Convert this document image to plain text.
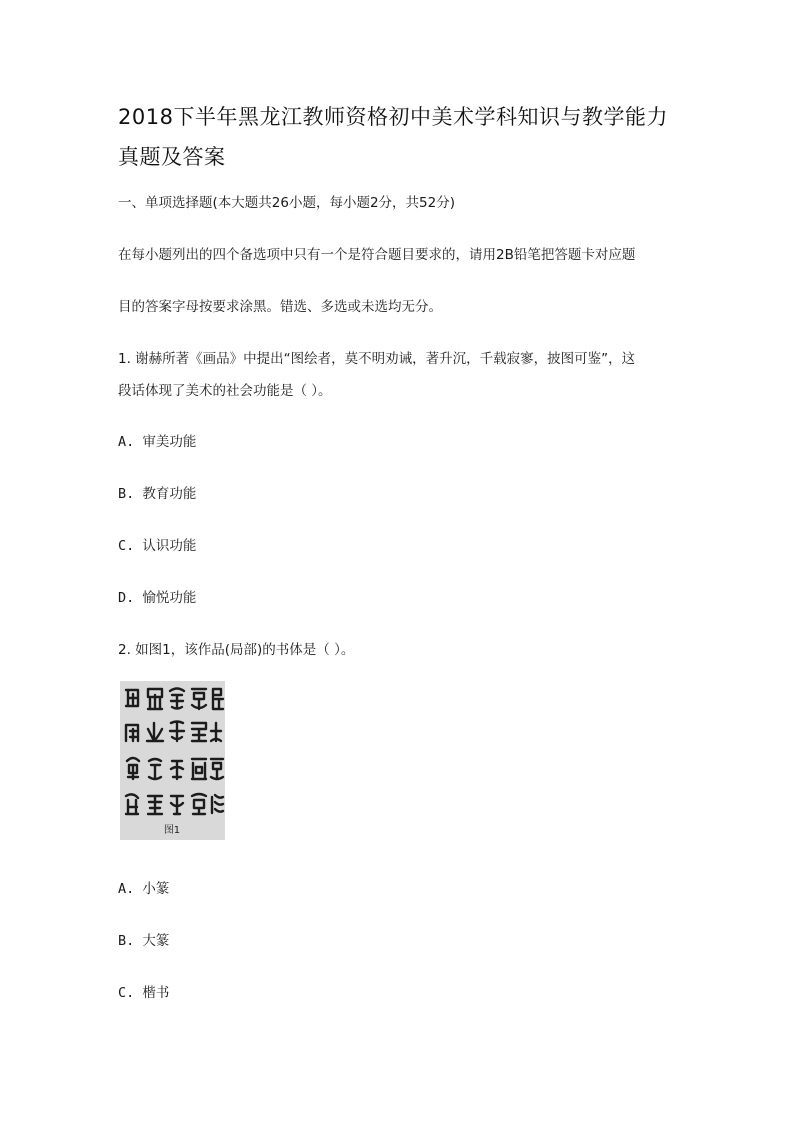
2018下半年黑龙江教师资格初中美术学科知识与教学能力
真题及答案
一、单项选择题(本大题共26小题，每小题2分，共52分)
在每小题列出的四个备选项中只有一个是符合题目要求的，请用2B铅笔把答题卡对应题
目的答案字母按要求涂黑。错选、多选或未选均无分。
1. 谢赫所著《画品》中提出“图绘者，莫不明劝诫，著升沉，千载寂寥，披图可鉴”，这
段话体现了美术的社会功能是（ ）。
A. 审美功能
B. 教育功能
C. 认识功能
D. 愉悦功能
2. 如图1，该作品(局部)的书体是（ ）。
图1
A. 小篆
B. 大篆
C. 楷书
